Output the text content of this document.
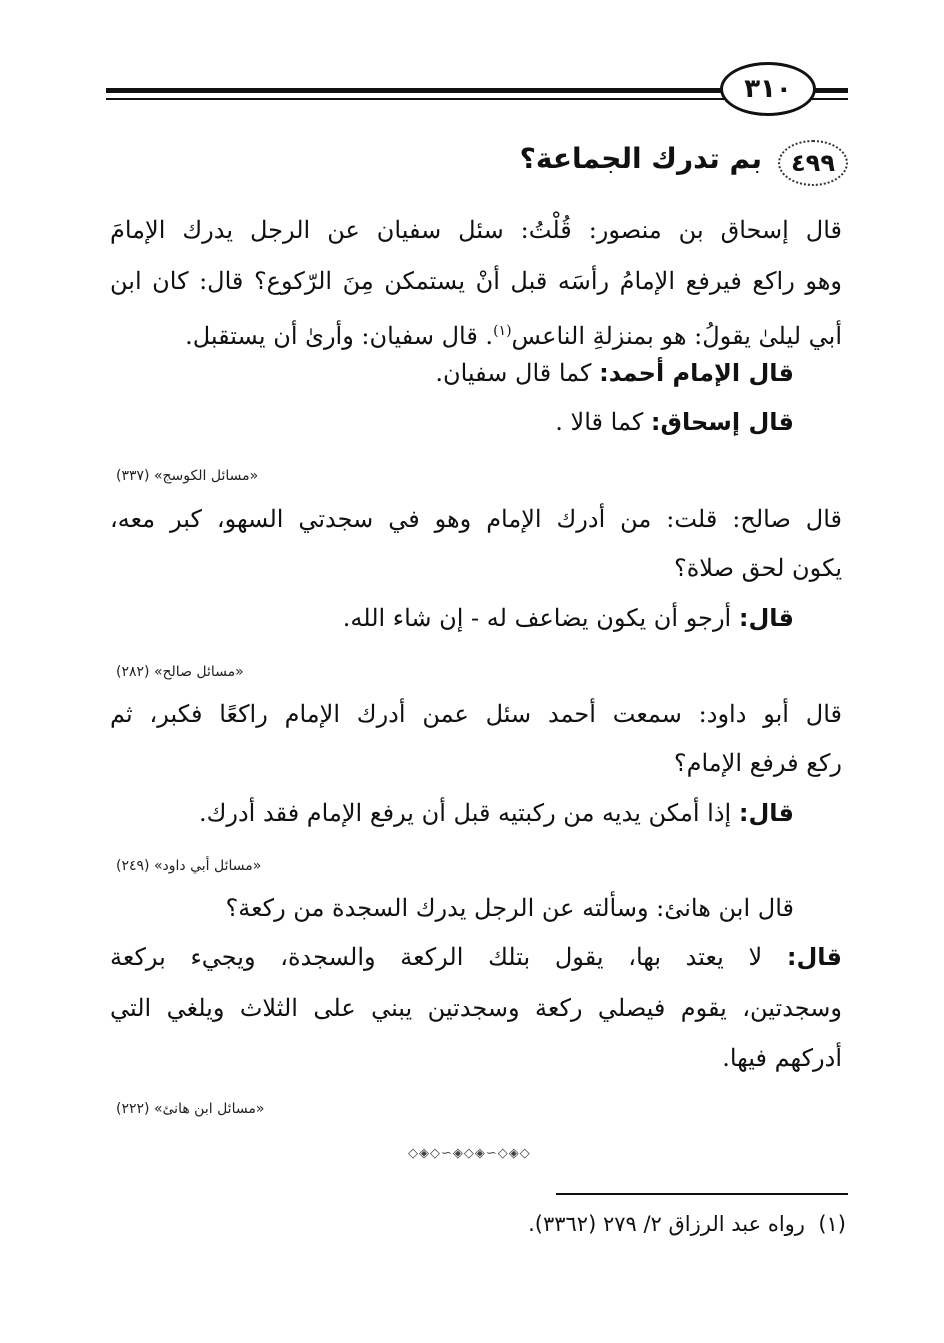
٣١٠
٤٩٩
بم تدرك الجماعة؟
قال إسحاق بن منصور: قُلْتُ: سئل سفيان عن الرجل يدرك الإمامَ
وهو راكع فيرفع الإمامُ رأسَه قبل أنْ يستمكن مِنَ الرّكوع؟ قال: كان ابن
أبي ليلىٰ يقولُ: هو بمنزلةِ الناعس$^{(١)}$. قال سفيان: وأرىٰ أن يستقبل.
قال الإمام أحمد: كما قال سفيان.
قال إسحاق: كما قالا .
«مسائل الكوسج» (٣٣٧)
قال صالح: قلت: من أدرك الإمام وهو في سجدتي السهو، كبر معه،
يكون لحق صلاة؟
قال: أرجو أن يكون يضاعف له - إن شاء الله.
«مسائل صالح» (٢٨٢)
قال أبو داود: سمعت أحمد سئل عمن أدرك الإمام راكعًا فكبر، ثم
ركع فرفع الإمام؟
قال: إذا أمكن يديه من ركبتيه قبل أن يرفع الإمام فقد أدرك.
«مسائل أبي داود» (٢٤٩)
قال ابن هانئ: وسألته عن الرجل يدرك السجدة من ركعة؟
قال: لا يعتد بها، يقول بتلك الركعة والسجدة، ويجيء بركعة
وسجدتين، يقوم فيصلي ركعة وسجدتين يبني على الثلاث ويلغي التي
أدركهم فيها.
«مسائل ابن هانئ» (٢٢٢)
◇◈◇∽◈◇◈∽◇◈◇
(١)  رواه عبد الرزاق ٢/ ٢٧٩ (٣٣٦٢).
